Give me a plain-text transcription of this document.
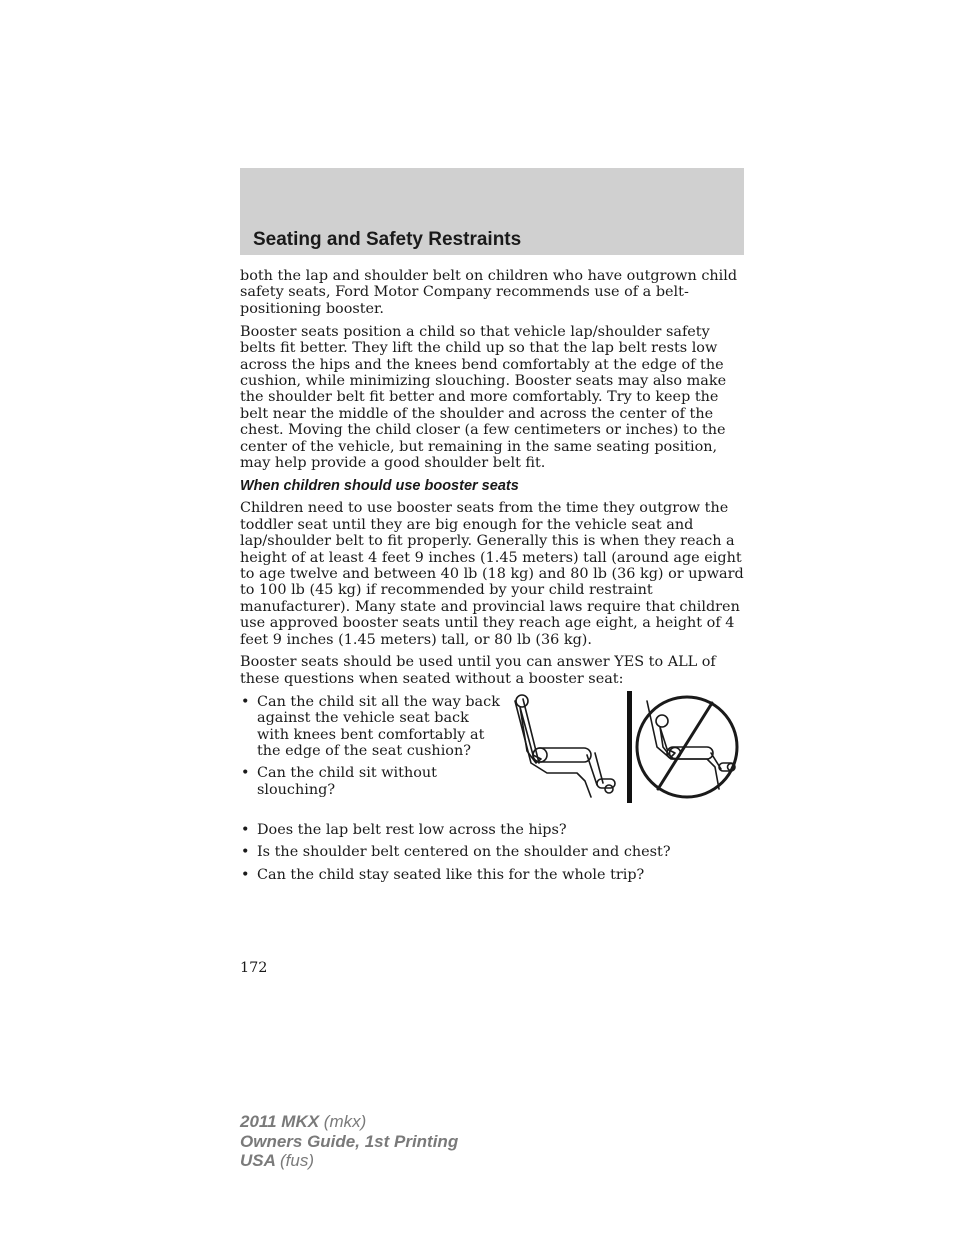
Seating and Safety Restraints

both the lap and shoulder belt on children who have outgrown child safety seats, Ford Motor Company recommends use of a belt-positioning booster.

Booster seats position a child so that vehicle lap/shoulder safety belts fit better. They lift the child up so that the lap belt rests low across the hips and the knees bend comfortably at the edge of the cushion, while minimizing slouching. Booster seats may also make the shoulder belt fit better and more comfortably. Try to keep the belt near the middle of the shoulder and across the center of the chest. Moving the child closer (a few centimeters or inches) to the center of the vehicle, but remaining in the same seating position, may help provide a good shoulder belt fit.

When children should use booster seats

Children need to use booster seats from the time they outgrow the toddler seat until they are big enough for the vehicle seat and lap/shoulder belt to fit properly. Generally this is when they reach a height of at least 4 feet 9 inches (1.45 meters) tall (around age eight to age twelve and between 40 lb (18 kg) and 80 lb (36 kg) or upward to 100 lb (45 kg) if recommended by your child restraint manufacturer). Many state and provincial laws require that children use approved booster seats until they reach age eight, a height of 4 feet 9 inches (1.45 meters) tall, or 80 lb (36 kg).

Booster seats should be used until you can answer YES to ALL of these questions when seated without a booster seat:

• Can the child sit all the way back against the vehicle seat back with knees bent comfortably at the edge of the seat cushion?
• Can the child sit without slouching?
• Does the lap belt rest low across the hips?
• Is the shoulder belt centered on the shoulder and chest?
• Can the child stay seated like this for the whole trip?
172
2011 MKX (mkx)
Owners Guide, 1st Printing
USA (fus)
